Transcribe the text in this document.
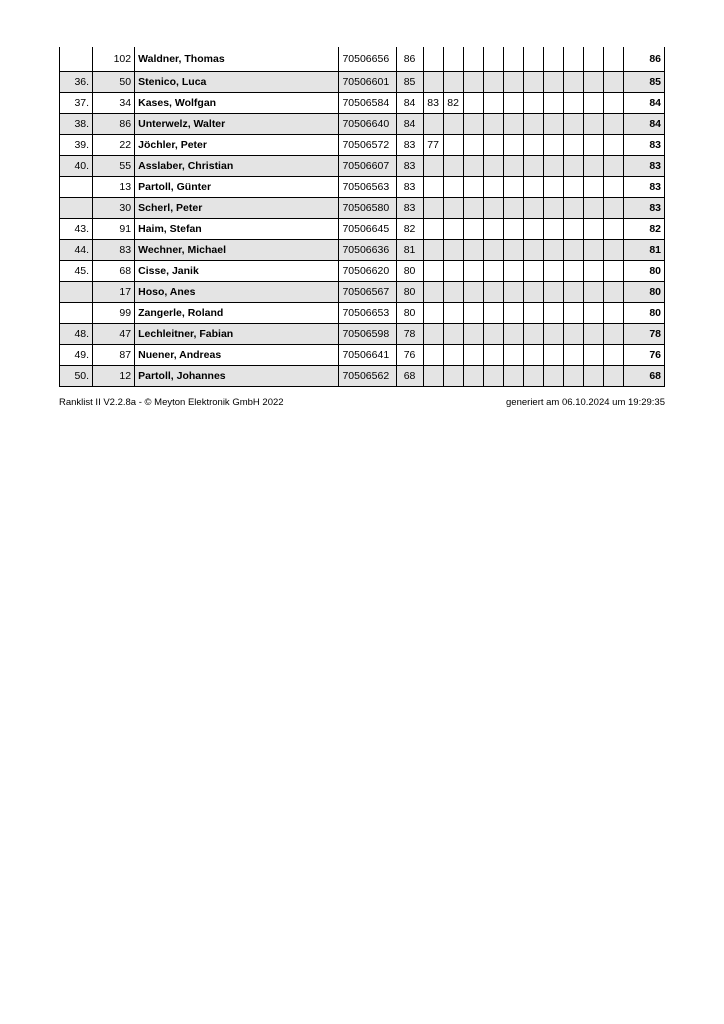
	102	Waldner, Thomas	70506656	86											86
36.	50	Stenico, Luca	70506601	85											85
37.	34	Kases, Wolfgan	70506584	84	83	82									84
38.	86	Unterwelz, Walter	70506640	84											84
39.	22	Jöchler, Peter	70506572	83	77										83
40.	55	Asslaber, Christian	70506607	83											83
	13	Partoll, Günter	70506563	83											83
	30	Scherl, Peter	70506580	83											83
43.	91	Haim, Stefan	70506645	82											82
44.	83	Wechner, Michael	70506636	81											81
45.	68	Cisse, Janik	70506620	80											80
	17	Hoso, Anes	70506567	80											80
	99	Zangerle, Roland	70506653	80											80
48.	47	Lechleitner, Fabian	70506598	78											78
49.	87	Nuener, Andreas	70506641	76											76
50.	12	Partoll, Johannes	70506562	68											68
Ranklist II V2.2.8a - © Meyton Elektronik GmbH 2022	generiert am 06.10.2024 um 19:29:35
